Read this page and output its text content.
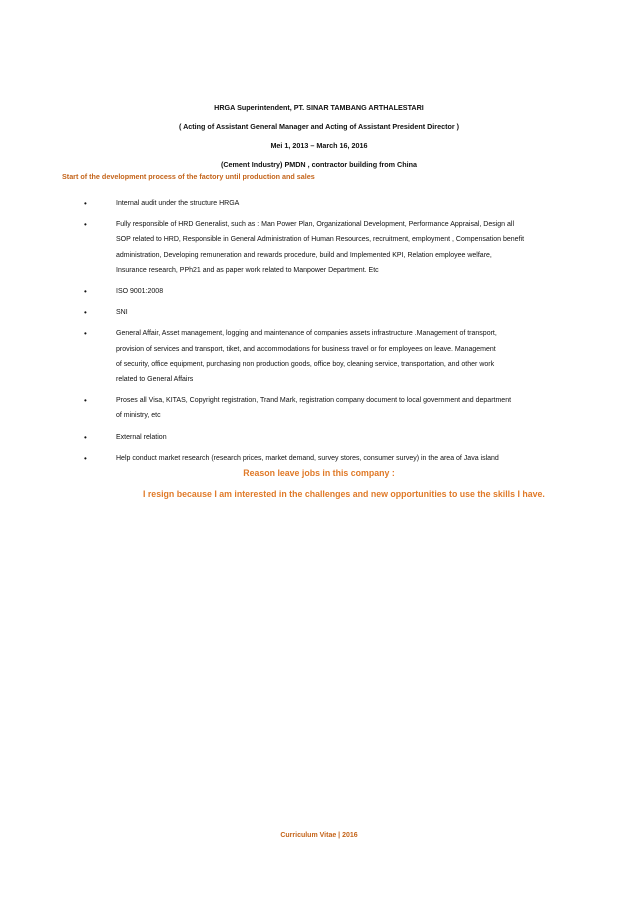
HRGA Superintendent, PT. SINAR TAMBANG ARTHALESTARI

( Acting of Assistant General Manager and Acting of Assistant President Director )

Mei 1, 2013 – March 16, 2016

(Cement Industry) PMDN , contractor building from China

Start of the development process of the factory until production and sales
•	Internal audit under the structure HRGA
•	Fully responsible of HRD Generalist, such as : Man Power Plan, Organizational Development, Performance Appraisal, Design all
SOP related to HRD, Responsible in General Administration of Human Resources, recruitment, employment , Compensation benefit
administration, Developing remuneration and rewards procedure, build and Implemented KPI, Relation employee welfare,
Insurance research, PPh21 and as paper work related to Manpower Department. Etc
•	ISO 9001:2008
•	SNI
•	General Affair, Asset management, logging and maintenance of companies assets infrastructure .Management of transport,
provision of services and transport, tiket, and accommodations for business travel or for employees on leave. Management
of security, office equipment, purchasing non production goods, office boy, cleaning service, transportation, and other work
related to General Affairs
•	Proses all Visa, KITAS, Copyright registration, Trand Mark, registration company document to local government and department
of ministry, etc
•	External relation
•	Help conduct market research (research prices, market demand, survey stores, consumer survey) in the area of Java island
Reason leave jobs in this company :
I resign because I am interested in the challenges and new opportunities to use the skills I have.
Curriculum Vitae | 2016
